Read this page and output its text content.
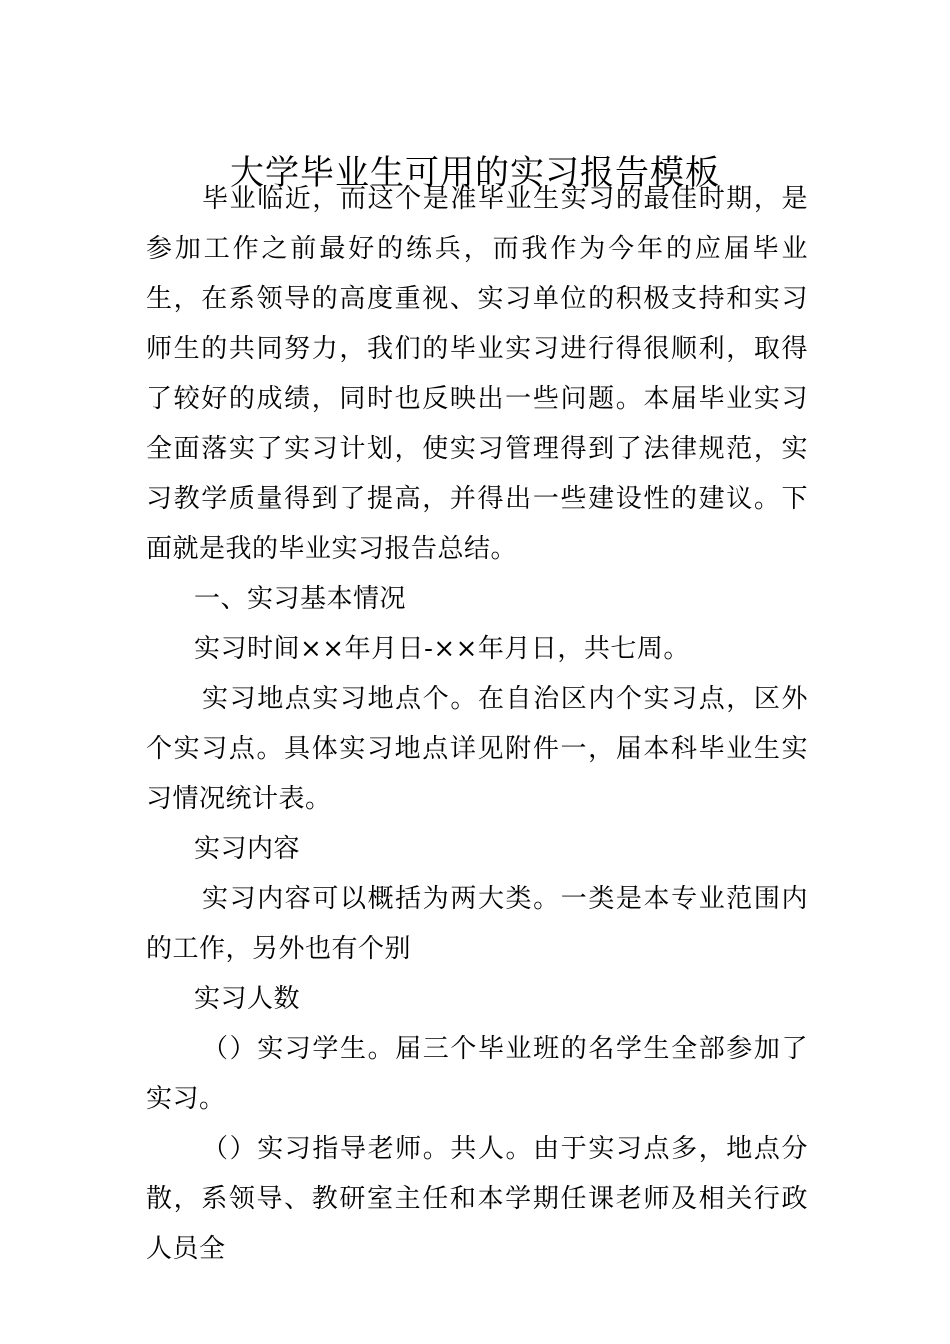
大学毕业生可用的实习报告模板

毕业临近，而这个是准毕业生实习的最佳时期，是参加工作之前最好的练兵，而我作为今年的应届毕业生，在系领导的高度重视、实习单位的积极支持和实习师生的共同努力，我们的毕业实习进行得很顺利，取得了较好的成绩，同时也反映出一些问题。本届毕业实习全面落实了实习计划，使实习管理得到了法律规范，实习教学质量得到了提高，并得出一些建设性的建议。下面就是我的毕业实习报告总结。

一、实习基本情况

实习时间××年月日-××年月日，共七周。

实习地点实习地点个。在自治区内个实习点，区外个实习点。具体实习地点详见附件一，届本科毕业生实习情况统计表。

实习内容

实习内容可以概括为两大类。一类是本专业范围内的工作，另外也有个别

实习人数

（）实习学生。届三个毕业班的名学生全部参加了实习。

（）实习指导老师。共人。由于实习点多，地点分散，系领导、教研室主任和本学期任课老师及相关行政人员全
